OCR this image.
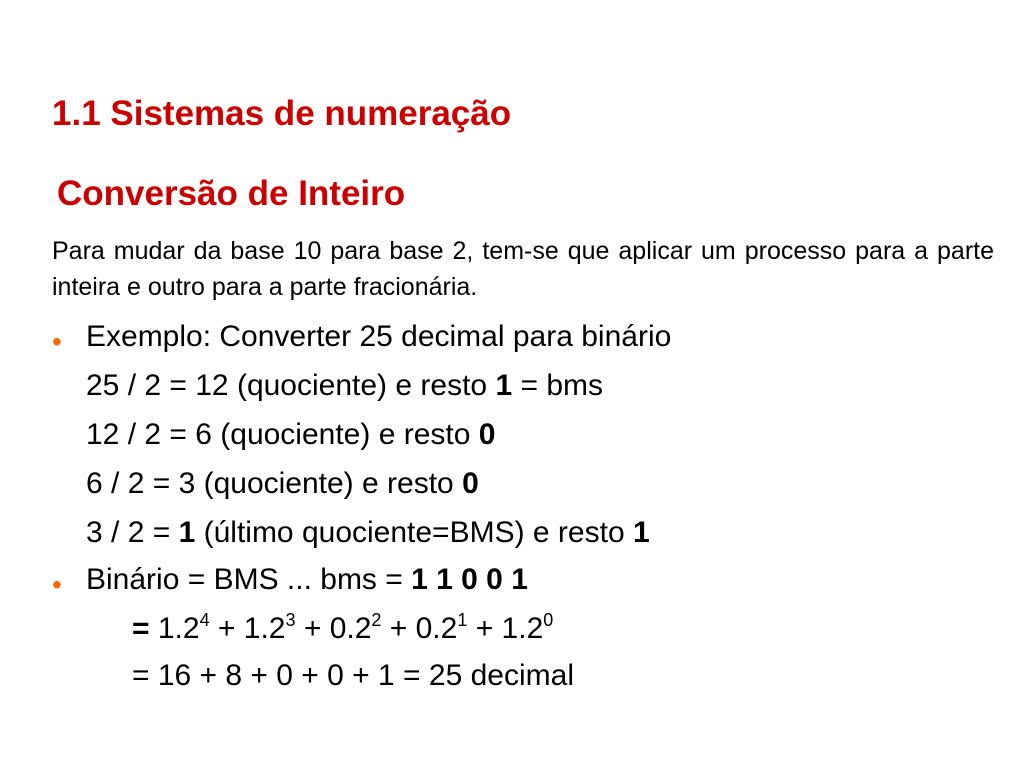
1.1 Sistemas de numeração
Conversão de Inteiro
Para mudar da base 10 para base 2, tem-se que aplicar um processo para a parte inteira e outro para a parte fracionária.
• Exemplo: Converter 25 decimal para binário
25 / 2 = 12 (quociente) e resto 1 = bms
12 / 2 = 6 (quociente) e resto 0
6 / 2 = 3 (quociente) e resto 0
3 / 2 = 1 (último quociente=BMS) e resto 1
• Binário = BMS ... bms = 1 1 0 0 1
= $1.2^4 + 1.2^3 + 0.2^2 + 0.2^1 + 1.2^0$
= 16 + 8 + 0 + 0 + 1 = 25 decimal
